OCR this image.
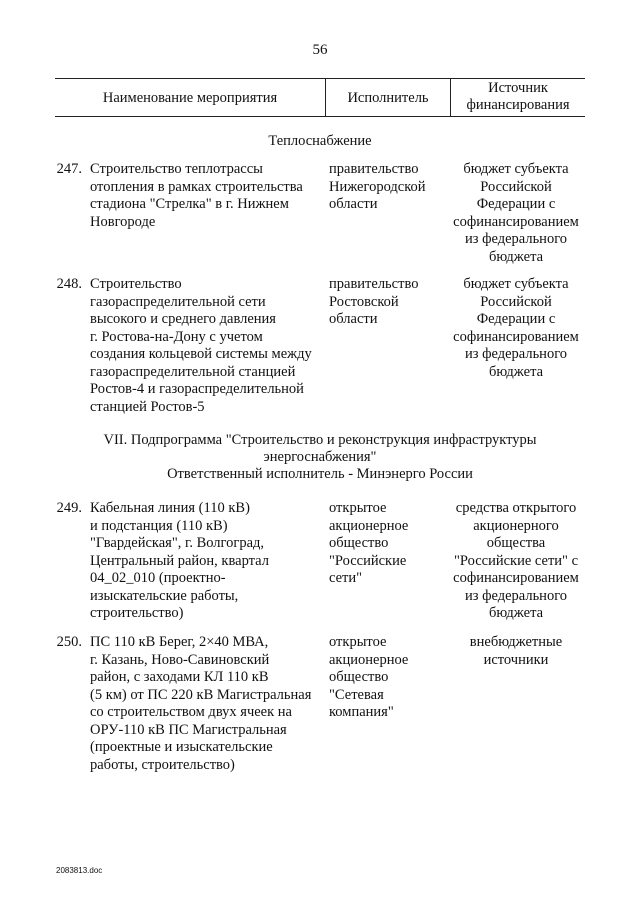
56
Наименование мероприятия	Исполнитель
Источник
финансирования
Теплоснабжение
247. Строительство теплотрассы
отопления в рамках строительства
стадиона "Стрелка" в г. Нижнем
Новгороде
правительство
Нижегородской
области
бюджет субъекта
Российской
Федерации с
софинансированием
из федерального
бюджета
248. Строительство
газораспределительной сети
высокого и среднего давления
г. Ростова-на-Дону с учетом
создания кольцевой системы между
газораспределительной станцией
Ростов-4 и газораспределительной
станцией Ростов-5
правительство
Ростовской
области
бюджет субъекта
Российской
Федерации с
софинансированием
из федерального
бюджета
VII. Подпрограмма "Строительство и реконструкция инфраструктуры
энергоснабжения"
Ответственный исполнитель - Минэнерго России
249. Кабельная линия (110 кВ)
и подстанция (110 кВ)
"Гвардейская", г. Волгоград,
Центральный район, квартал
04_02_010 (проектно-
изыскательские работы,
строительство)
открытое
акционерное
общество
"Российские
сети"
средства открытого
акционерного
общества
"Российские сети" с
софинансированием
из федерального
бюджета
250. ПС 110 кВ Берег, 2×40 МВА,
г. Казань, Ново-Савиновский
район, с заходами КЛ 110 кВ
(5 км) от ПС 220 кВ Магистральная
со строительством двух ячеек на
ОРУ-110 кВ ПС Магистральная
(проектные и изыскательские
работы, строительство)
открытое
акционерное
общество
"Сетевая
компания"
внебюджетные
источники
2083813.doc
